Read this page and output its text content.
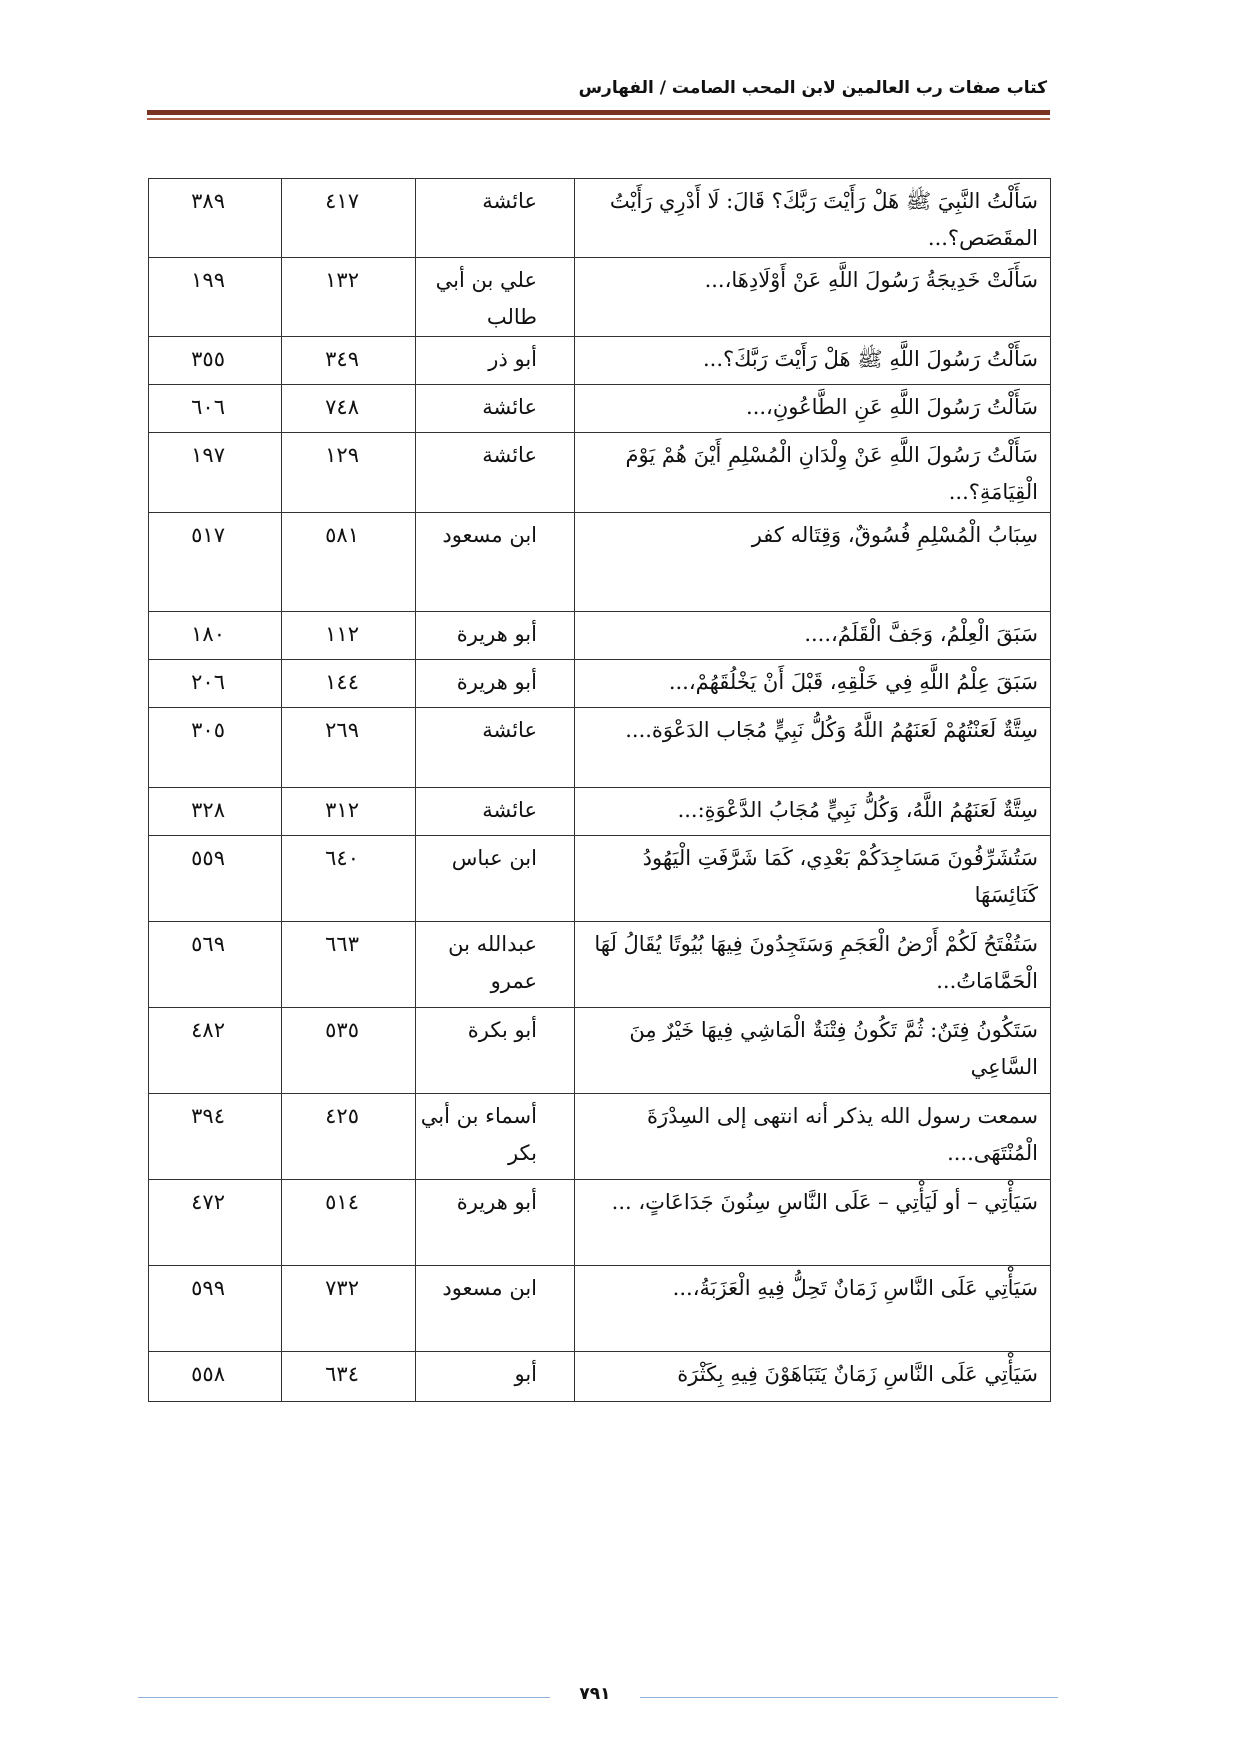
كتاب صفات رب العالمين لابن المحب الصامت / الفهارس
٣٨٩	٤١٧	عائشة	سَأَلْتُ النَّبِيَ ﷺ هَلْ رَأَيْتَ رَبَّكَ؟ قَالَ: لَا أَدْرِي رَأَيْتُ المقَصَص؟...

١٩٩	١٣٢	علي بن أبي طالب	سَأَلَتْ خَدِيجَةُ رَسُولَ اللَّهِ عَنْ أَوْلَادِهَا،...

٣٥٥	٣٤٩	أبو ذر	سَأَلْتُ رَسُولَ اللَّهِ ﷺ هَلْ رَأَيْتَ رَبَّكَ؟...

٦٠٦	٧٤٨	عائشة	سَأَلْتُ رَسُولَ اللَّهِ عَنِ الطَّاعُونِ،...

١٩٧	١٢٩	عائشة	سَأَلْتُ رَسُولَ اللَّهِ عَنْ وِلْدَانِ الْمُسْلِمِ أَيْنَ هُمْ يَوْمَ الْقِيَامَةِ؟...

٥١٧	٥٨١	ابن مسعود	سِبَابُ الْمُسْلِمِ فُسُوقٌ، وَقِتَاله كفر

١٨٠	١١٢	أبو هريرة	سَبَقَ الْعِلْمُ، وَجَفَّ الْقَلَمُ،....

٢٠٦	١٤٤	أبو هريرة	سَبَقَ عِلْمُ اللَّهِ فِي خَلْقِهِ، قَبْلَ أَنْ يَخْلُقَهُمْ،...

٣٠٥	٢٦٩	عائشة	سِتَّةٌ لَعَنْتُهُمْ لَعَنَهُمُ اللَّهُ وَكُلُّ نَبِيٍّ مُجَاب الدَعْوَة....

٣٢٨	٣١٢	عائشة	سِتَّةٌ لَعَنَهُمُ اللَّهُ، وَكُلُّ نَبِيٍّ مُجَابُ الدَّعْوَةِ:...

٥٥٩	٦٤٠	ابن عباس	سَتُشَرِّفُونَ مَسَاجِدَكُمْ بَعْدِي، كَمَا شَرَّفَتِ الْيَهُودُ كَنَائِسَهَا

٥٦٩	٦٦٣	عبدالله بن عمرو	سَتُفْتَحُ لَكُمْ أَرْضُ الْعَجَمِ وَسَتَجِدُونَ فِيهَا بُيُوتًا يُقَالُ لَهَا الْحَمَّامَاتُ...

٤٨٢	٥٣٥	أبو بكرة	سَتَكُونُ فِتَنٌ: ثُمَّ تَكُونُ فِتْنَةٌ الْمَاشِي فِيهَا خَيْرٌ مِنَ السَّاعِي

٣٩٤	٤٢٥	أسماء بن أبي بكر	سمعت رسول الله يذكر أنه انتهى إلى السِدْرَةَ الْمُنْتَهَى....

٤٧٢	٥١٤	أبو هريرة	سَيَأْتِي – أو لَيَأْتِي – عَلَى النَّاسِ سِنُونَ جَدَاعَاتٍ، ...

٥٩٩	٧٣٢	ابن مسعود	سَيَأْتِي عَلَى النَّاسِ زَمَانٌ تَحِلُّ فِيهِ الْعَزَبَةُ،...

٥٥٨	٦٣٤	أبو	سَيَأْتِي عَلَى النَّاسِ زَمَانٌ يَتَبَاهَوْنَ فِيهِ بِكَثْرَة
٧٩١
